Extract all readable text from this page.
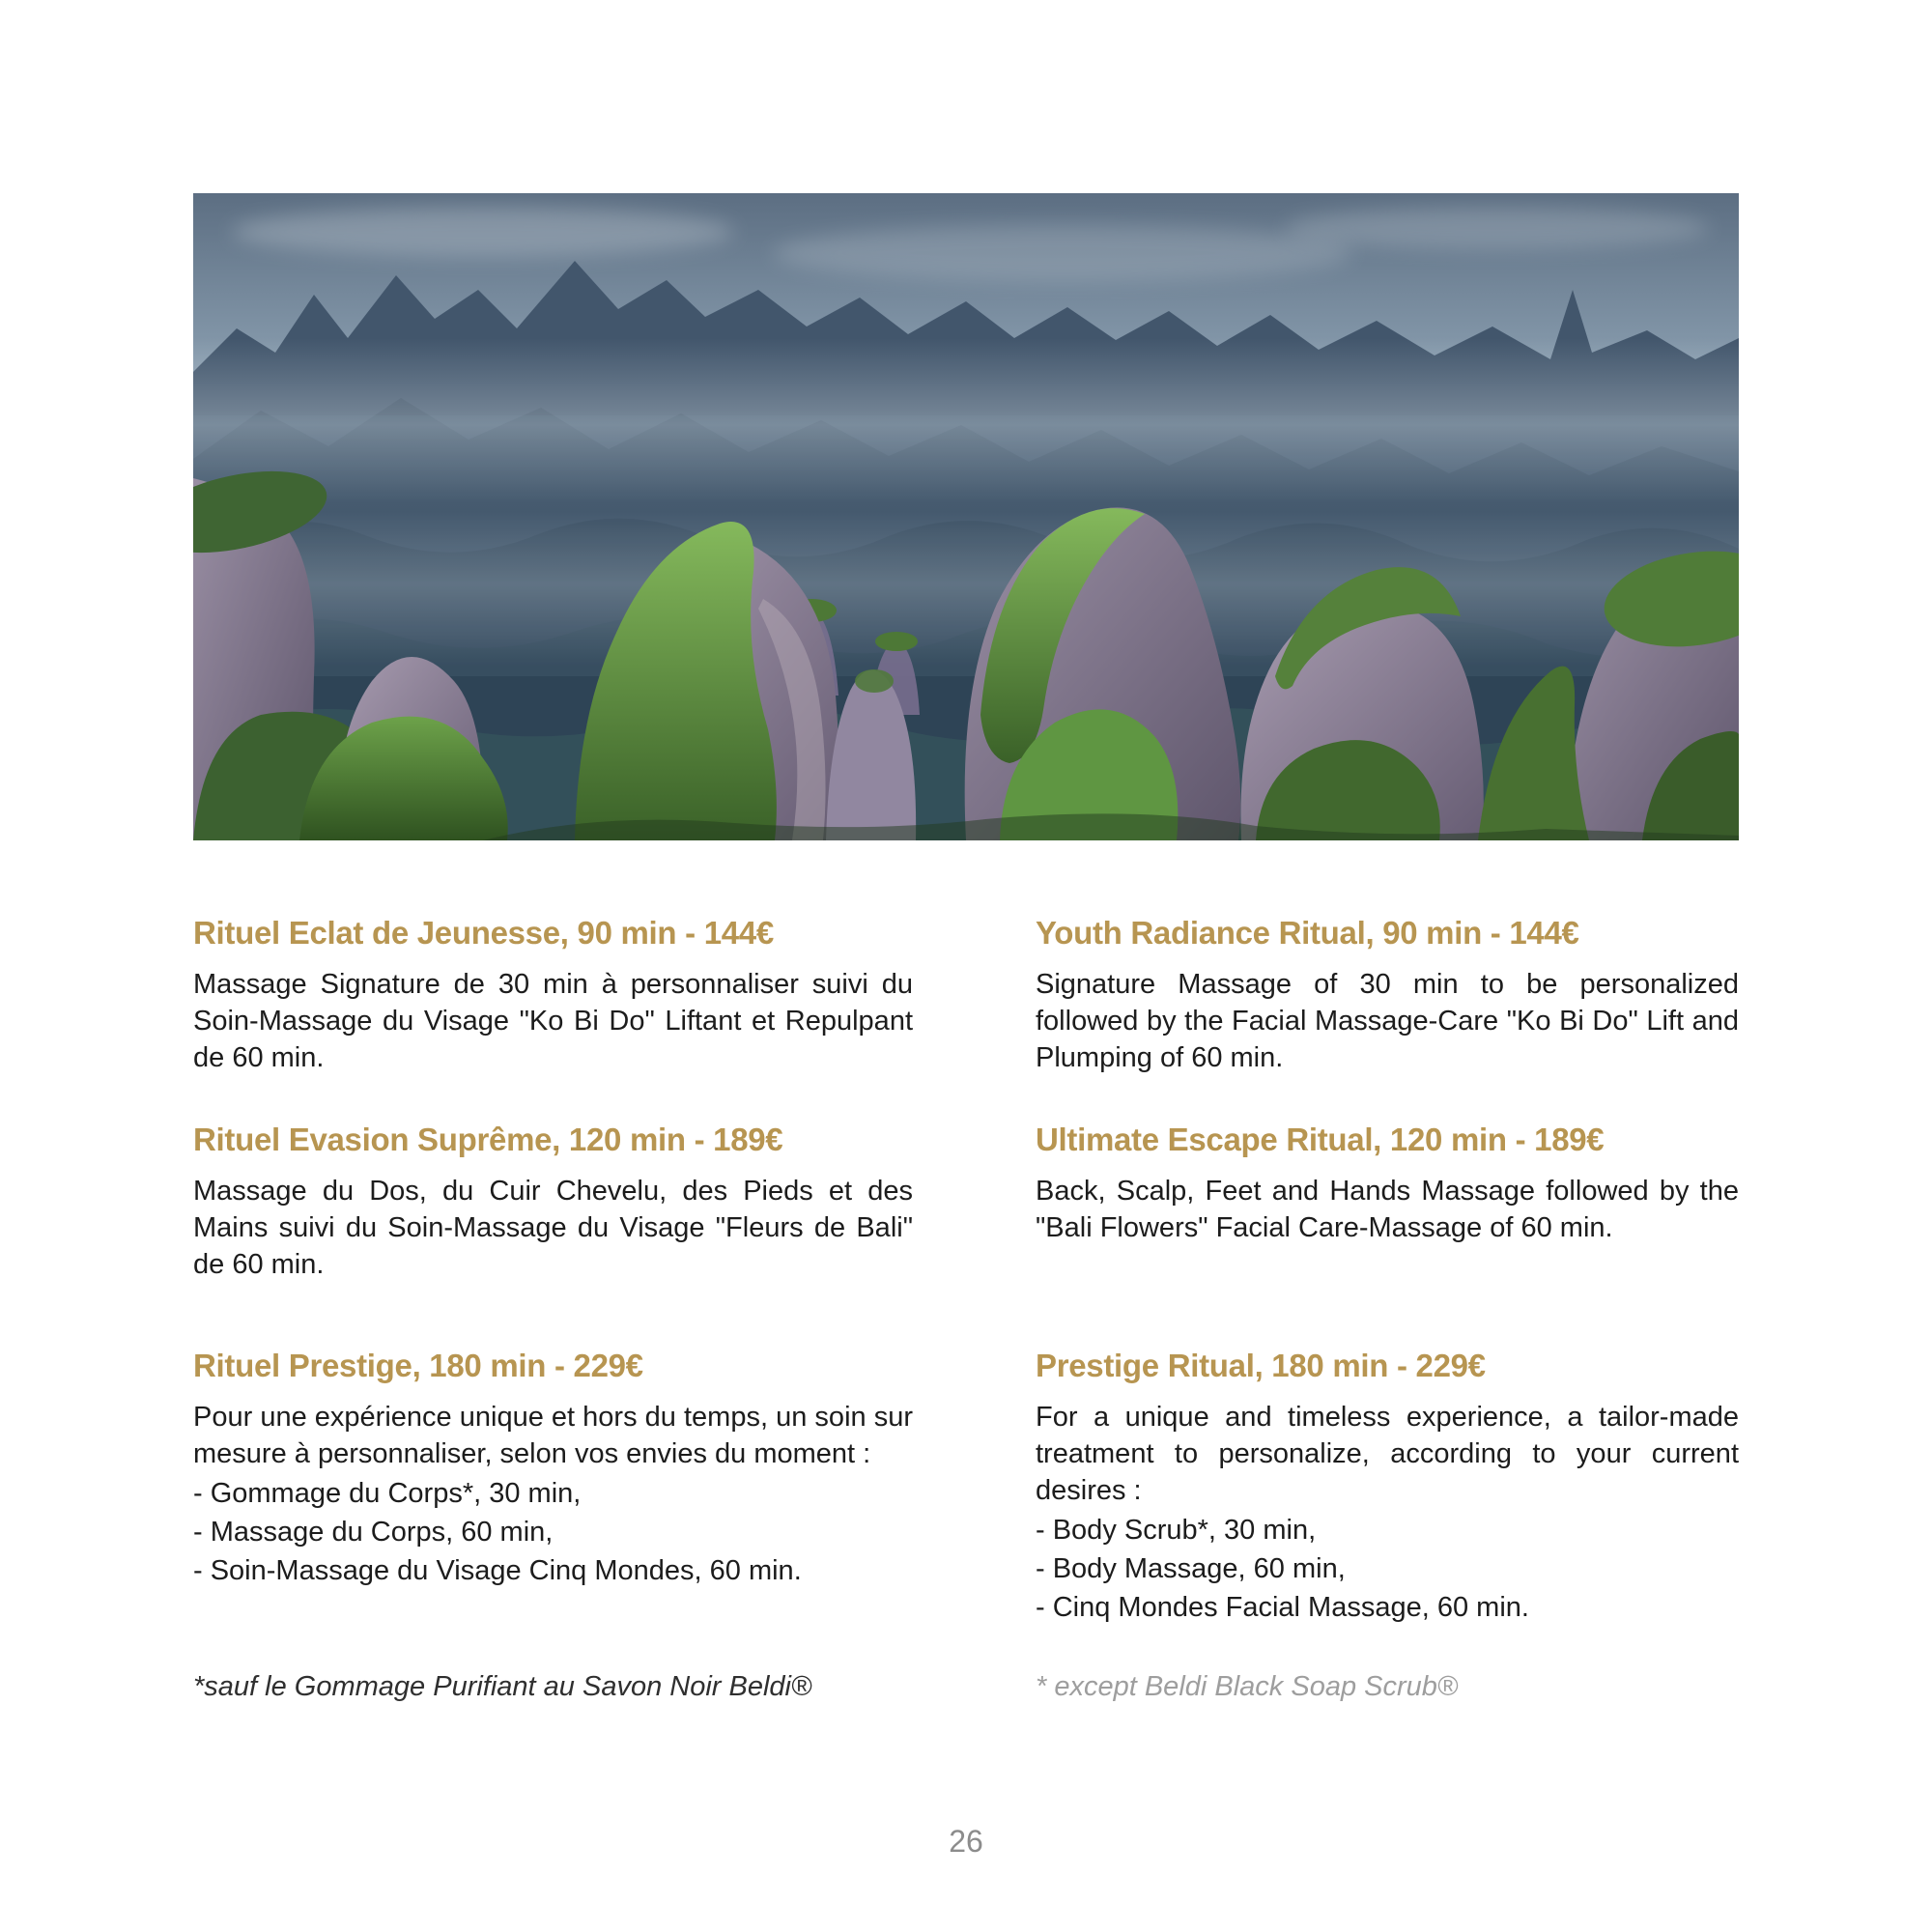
Rituel Eclat de Jeunesse, 90 min - 144€

Massage Signature de 30 min à personnaliser suivi du Soin-Massage du Visage "Ko Bi Do" Liftant et Repulpant de 60 min.

Youth Radiance Ritual, 90 min - 144€

Signature Massage of 30 min to be personalized followed by the Facial Massage-Care "Ko Bi Do" Lift and Plumping of 60 min.

Rituel Evasion Suprême, 120 min - 189€

Massage du Dos, du Cuir Chevelu, des Pieds et des Mains suivi du Soin-Massage du Visage "Fleurs de Bali" de 60 min.

Ultimate Escape Ritual, 120 min - 189€

Back, Scalp, Feet and Hands Massage followed by the "Bali Flowers" Facial Care-Massage of 60 min.

Rituel Prestige, 180 min - 229€

Pour une expérience unique et hors du temps, un soin sur mesure à personnaliser, selon vos envies du moment :

- Gommage du Corps*, 30 min,
- Massage du Corps, 60 min,
- Soin-Massage du Visage Cinq Mondes, 60 min.
Prestige Ritual, 180 min - 229€

For a unique and timeless experience, a tailor-made treatment to personalize, according to your current desires :

- Body Scrub*, 30 min,
- Body Massage, 60 min,
- Cinq Mondes Facial Massage, 60 min.
*sauf le Gommage Purifiant au Savon Noir Beldi®	* except Beldi Black Soap Scrub®
26
